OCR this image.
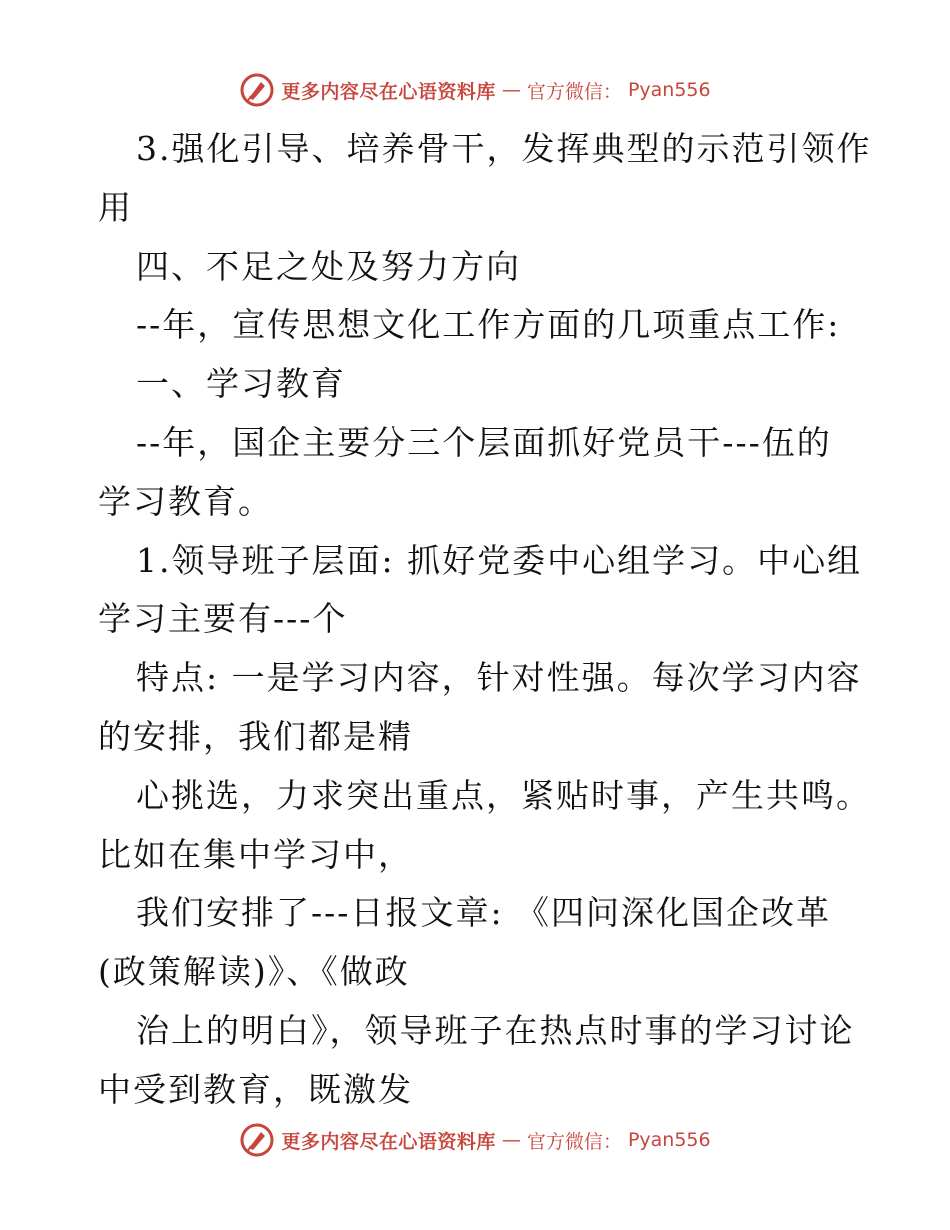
更多内容尽在心语资料库 — 官方微信： Pyan556
3.强化引导、培养骨干，发挥典型的示范引领作
用
四、不足之处及努力方向
--年，宣传思想文化工作方面的几项重点工作:
一、学习教育
--年，国企主要分三个层面抓好党员干---伍的
学习教育。
1.领导班子层面: 抓好党委中心组学习。中心组
学习主要有---个
特点: 一是学习内容，针对性强。每次学习内容
的安排，我们都是精
心挑选，力求突出重点，紧贴时事，产生共鸣。
比如在集中学习中，
我们安排了---日报文章: 《四问深化国企改革
(政策解读)》、《做政
治上的明白》，领导班子在热点时事的学习讨论
中受到教育，既激发
更多内容尽在心语资料库 — 官方微信： Pyan556
